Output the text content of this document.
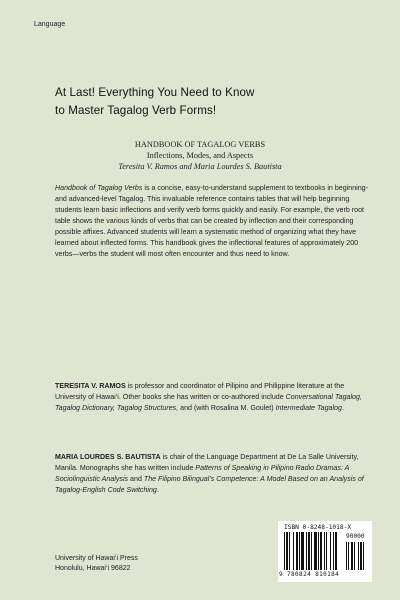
Language
At Last! Everything You Need to Know
to Master Tagalog Verb Forms!
HANDBOOK OF TAGALOG VERBS
Inflections, Modes, and Aspects
Teresita V. Ramos and Maria Lourdes S. Bautista

Handbook of Tagalog Verbs is a concise, easy-to-understand supplement to textbooks in beginning- and advanced-level Tagalog. This invaluable reference contains tables that will help beginning students learn basic inflections and verify verb forms quickly and easily. For example, the verb root table shows the various kinds of verbs that can be created by inflection and their corresponding possible affixes. Advanced students will learn a systematic method of organizing what they have learned about inflected forms. This handbook gives the inflectional features of approximately 200 verbs—verbs the student will most often encounter and thus need to know.

TERESITA V. RAMOS is professor and coordinator of Pilipino and Philippine literature at the University of Hawai‘i. Other books she has written or co-authored include Conversational Tagalog, Tagalog Dictionary, Tagalog Structures, and (with Rosalina M. Goulet) Intermediate Tagalog.

MARIA LOURDES S. BAUTISTA is chair of the Language Department at De La Salle University, Manila. Monographs she has written include Patterns of Speaking in Pilipino Radio Dramas: A Sociolinguistic Analysis and The Filipino Bilingual’s Competence: A Model Based on an Analysis of Tagalog-English Code Switching.

ISBN 0-8248-1018-X
90000
9 780824 810184
University of Hawai‘i Press
Honolulu, Hawai‘i 96822
